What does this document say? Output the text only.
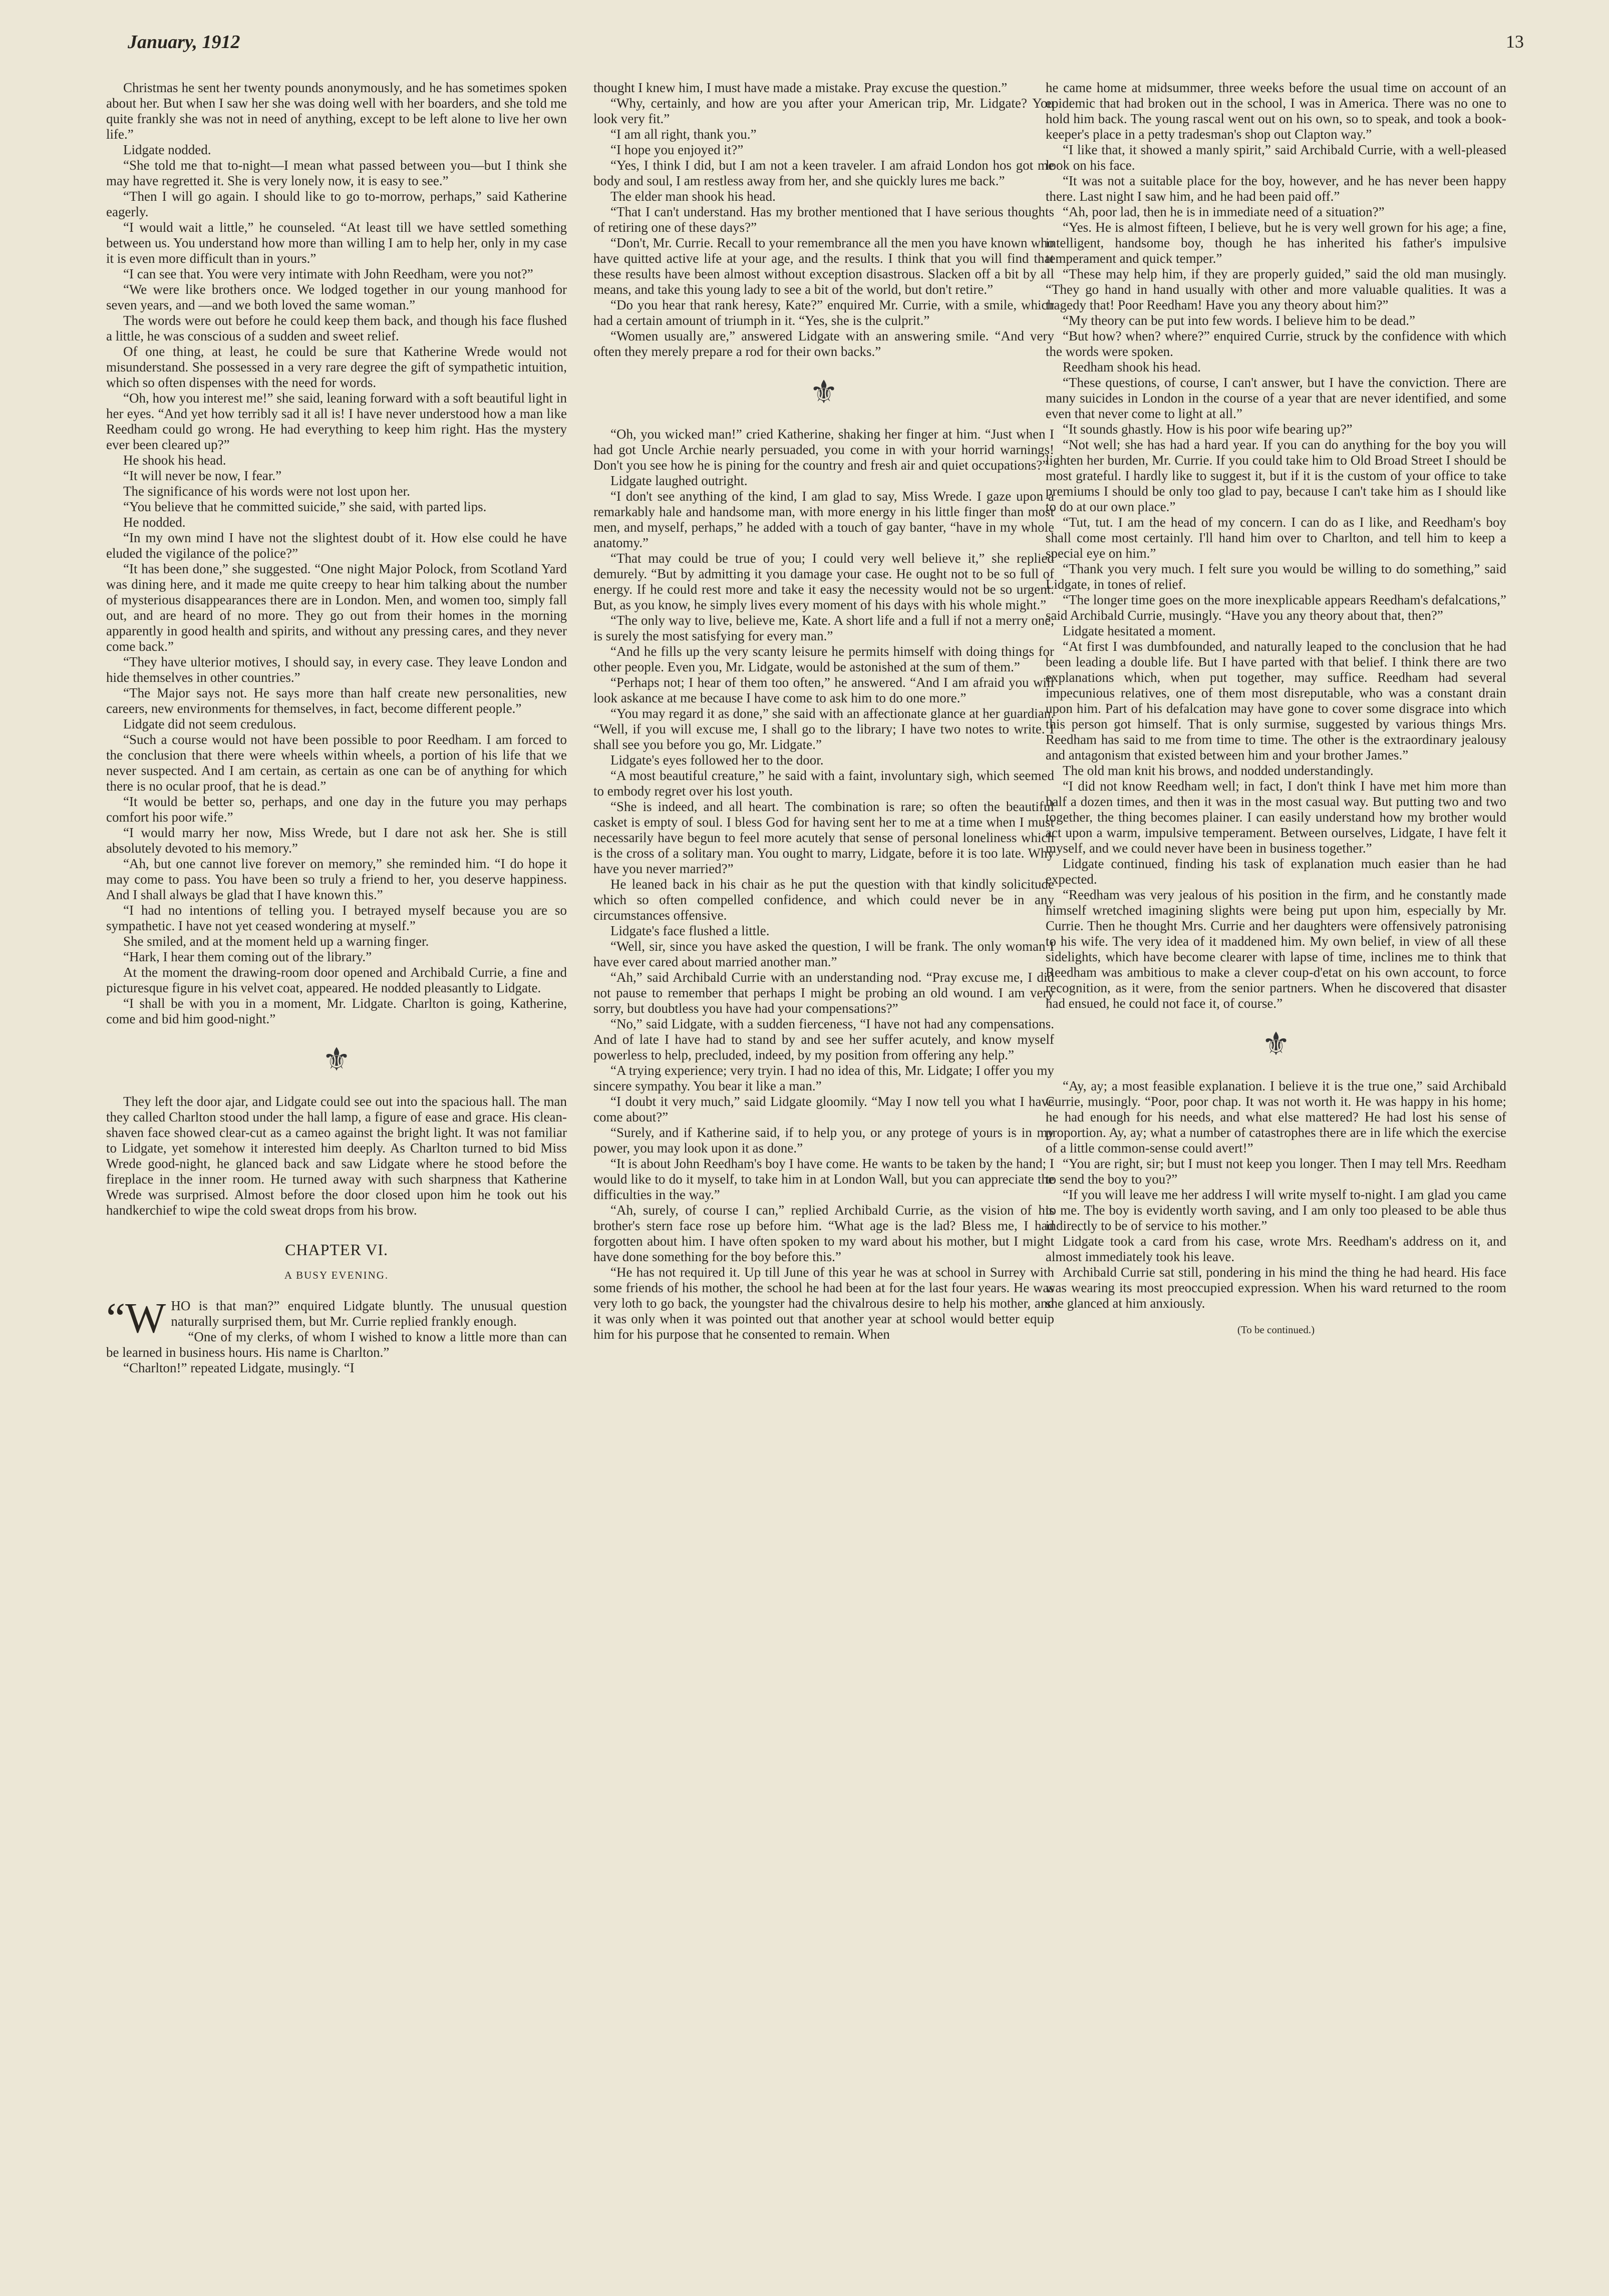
January, 1912	13

Christmas he sent her twenty pounds anonymously, and he has sometimes spoken about her. But when I saw her she was doing well with her boarders, and she told me quite frankly she was not in need of anything, except to be left alone to live her own life.”

Lidgate nodded.

“She told me that to-night—I mean what passed between you—but I think she may have regretted it. She is very lonely now, it is easy to see.”

“Then I will go again. I should like to go to-morrow, perhaps,” said Katherine eagerly.

“I would wait a little,” he counseled. “At least till we have settled something between us. You understand how more than willing I am to help her, only in my case it is even more difficult than in yours.”

“I can see that. You were very intimate with John Reedham, were you not?”

“We were like brothers once. We lodged together in our young manhood for seven years, and —and we both loved the same woman.”

The words were out before he could keep them back, and though his face flushed a little, he was conscious of a sudden and sweet relief.

Of one thing, at least, he could be sure that Katherine Wrede would not misunderstand. She possessed in a very rare degree the gift of sympathetic intuition, which so often dispenses with the need for words.

“Oh, how you interest me!” she said, leaning forward with a soft beautiful light in her eyes. “And yet how terribly sad it all is! I have never understood how a man like Reedham could go wrong. He had everything to keep him right. Has the mystery ever been cleared up?”

He shook his head.

“It will never be now, I fear.”

The significance of his words were not lost upon her.

“You believe that he committed suicide,” she said, with parted lips.

He nodded.

“In my own mind I have not the slightest doubt of it. How else could he have eluded the vigilance of the police?”

“It has been done,” she suggested. “One night Major Polock, from Scotland Yard was dining here, and it made me quite creepy to hear him talking about the number of mysterious disappearances there are in London. Men, and women too, simply fall out, and are heard of no more. They go out from their homes in the morning apparently in good health and spirits, and without any pressing cares, and they never come back.”

“They have ulterior motives, I should say, in every case. They leave London and hide themselves in other countries.”

“The Major says not. He says more than half create new personalities, new careers, new environments for themselves, in fact, become different people.”

Lidgate did not seem credulous.

“Such a course would not have been possible to poor Reedham. I am forced to the conclusion that there were wheels within wheels, a portion of his life that we never suspected. And I am certain, as certain as one can be of anything for which there is no ocular proof, that he is dead.”

“It would be better so, perhaps, and one day in the future you may perhaps comfort his poor wife.”

“I would marry her now, Miss Wrede, but I dare not ask her. She is still absolutely devoted to his memory.”

“Ah, but one cannot live forever on memory,” she reminded him. “I do hope it may come to pass. You have been so truly a friend to her, you deserve happiness. And I shall always be glad that I have known this.”

“I had no intentions of telling you. I betrayed myself because you are so sympathetic. I have not yet ceased wondering at myself.”

She smiled, and at the moment held up a warning finger.

“Hark, I hear them coming out of the library.”

At the moment the drawing-room door opened and Archibald Currie, a fine and picturesque figure in his velvet coat, appeared. He nodded pleasantly to Lidgate.

“I shall be with you in a moment, Mr. Lidgate. Charlton is going, Katherine, come and bid him good-night.”

⚜

They left the door ajar, and Lidgate could see out into the spacious hall. The man they called Charlton stood under the hall lamp, a figure of ease and grace. His clean-shaven face showed clear-cut as a cameo against the bright light. It was not familiar to Lidgate, yet somehow it interested him deeply. As Charlton turned to bid Miss Wrede good-night, he glanced back and saw Lidgate where he stood before the fireplace in the inner room. He turned away with such sharpness that Katherine Wrede was surprised. Almost before the door closed upon him he took out his handkerchief to wipe the cold sweat drops from his brow.

CHAPTER VI.
A BUSY EVENING.

“WHO is that man?” enquired Lidgate bluntly. The unusual question naturally surprised them, but Mr. Currie replied frankly enough.

“One of my clerks, of whom I wished to know a little more than can be learned in business hours. His name is Charlton.”

“Charlton!” repeated Lidgate, musingly. “I

thought I knew him, I must have made a mistake. Pray excuse the question.”

“Why, certainly, and how are you after your American trip, Mr. Lidgate? You look very fit.”

“I am all right, thank you.”

“I hope you enjoyed it?”

“Yes, I think I did, but I am not a keen traveler. I am afraid London hos got me body and soul, I am restless away from her, and she quickly lures me back.”

The elder man shook his head.

“That I can't understand. Has my brother mentioned that I have serious thoughts of retiring one of these days?”

“Don't, Mr. Currie. Recall to your remembrance all the men you have known who have quitted active life at your age, and the results. I think that you will find that these results have been almost without exception disastrous. Slacken off a bit by all means, and take this young lady to see a bit of the world, but don't retire.”

“Do you hear that rank heresy, Kate?” enquired Mr. Currie, with a smile, which had a certain amount of triumph in it. “Yes, she is the culprit.”

“Women usually are,” answered Lidgate with an answering smile. “And very often they merely prepare a rod for their own backs.”

⚜

“Oh, you wicked man!” cried Katherine, shaking her finger at him. “Just when I had got Uncle Archie nearly persuaded, you come in with your horrid warnings! Don't you see how he is pining for the country and fresh air and quiet occupations?”

Lidgate laughed outright.

“I don't see anything of the kind, I am glad to say, Miss Wrede. I gaze upon a remarkably hale and handsome man, with more energy in his little finger than most men, and myself, perhaps,” he added with a touch of gay banter, “have in my whole anatomy.”

“That may could be true of you; I could very well believe it,” she replied demurely. “But by admitting it you damage your case. He ought not to be so full of energy. If he could rest more and take it easy the necessity would not be so urgent. But, as you know, he simply lives every moment of his days with his whole might.”

“The only way to live, believe me, Kate. A short life and a full if not a merry one, is surely the most satisfying for every man.”

“And he fills up the very scanty leisure he permits himself with doing things for other people. Even you, Mr. Lidgate, would be astonished at the sum of them.”

“Perhaps not; I hear of them too often,” he answered. “And I am afraid you will look askance at me because I have come to ask him to do one more.”

“You may regard it as done,” she said with an affectionate glance at her guardian. “Well, if you will excuse me, I shall go to the library; I have two notes to write. I shall see you before you go, Mr. Lidgate.”

Lidgate's eyes followed her to the door.

“A most beautiful creature,” he said with a faint, involuntary sigh, which seemed to embody regret over his lost youth.

“She is indeed, and all heart. The combination is rare; so often the beautiful casket is empty of soul. I bless God for having sent her to me at a time when I must necessarily have begun to feel more acutely that sense of personal loneliness which is the cross of a solitary man. You ought to marry, Lidgate, before it is too late. Why have you never married?”

He leaned back in his chair as he put the question with that kindly solicitude which so often compelled confidence, and which could never be in any circumstances offensive.

Lidgate's face flushed a little.

“Well, sir, since you have asked the question, I will be frank. The only woman I have ever cared about married another man.”

“Ah,” said Archibald Currie with an understanding nod. “Pray excuse me, I did not pause to remember that perhaps I might be probing an old wound. I am very sorry, but doubtless you have had your compensations?”

“No,” said Lidgate, with a sudden fierceness, “I have not had any compensations. And of late I have had to stand by and see her suffer acutely, and know myself powerless to help, precluded, indeed, by my position from offering any help.”

“A trying experience; very tryin. I had no idea of this, Mr. Lidgate; I offer you my sincere sympathy. You bear it like a man.”

“I doubt it very much,” said Lidgate gloomily. “May I now tell you what I have come about?”

“Surely, and if Katherine said, if to help you, or any protege of yours is in my power, you may look upon it as done.”

“It is about John Reedham's boy I have come. He wants to be taken by the hand; I would like to do it myself, to take him in at London Wall, but you can appreciate the difficulties in the way.”

“Ah, surely, of course I can,” replied Archibald Currie, as the vision of his brother's stern face rose up before him. “What age is the lad? Bless me, I had forgotten about him. I have often spoken to my ward about his mother, but I might have done something for the boy before this.”

“He has not required it. Up till June of this year he was at school in Surrey with some friends of his mother, the school he had been at for the last four years. He was very loth to go back, the youngster had the chivalrous desire to help his mother, and it was only when it was pointed out that another year at school would better equip him for his purpose that he consented to remain. When

he came home at midsummer, three weeks before the usual time on account of an epidemic that had broken out in the school, I was in America. There was no one to hold him back. The young rascal went out on his own, so to speak, and took a book-keeper's place in a petty tradesman's shop out Clapton way.”

“I like that, it showed a manly spirit,” said Archibald Currie, with a well-pleased look on his face.

“It was not a suitable place for the boy, however, and he has never been happy there. Last night I saw him, and he had been paid off.”

“Ah, poor lad, then he is in immediate need of a situation?”

“Yes. He is almost fifteen, I believe, but he is very well grown for his age; a fine, intelligent, handsome boy, though he has inherited his father's impulsive temperament and quick temper.”

“These may help him, if they are properly guided,” said the old man musingly. “They go hand in hand usually with other and more valuable qualities. It was a tragedy that! Poor Reedham! Have you any theory about him?”

“My theory can be put into few words. I believe him to be dead.”

“But how? when? where?” enquired Currie, struck by the confidence with which the words were spoken.

Reedham shook his head.

“These questions, of course, I can't answer, but I have the conviction. There are many suicides in London in the course of a year that are never identified, and some even that never come to light at all.”

“It sounds ghastly. How is his poor wife bearing up?”

“Not well; she has had a hard year. If you can do anything for the boy you will lighten her burden, Mr. Currie. If you could take him to Old Broad Street I should be most grateful. I hardly like to suggest it, but if it is the custom of your office to take premiums I should be only too glad to pay, because I can't take him as I should like to do at our own place.”

“Tut, tut. I am the head of my concern. I can do as I like, and Reedham's boy shall come most certainly. I'll hand him over to Charlton, and tell him to keep a special eye on him.”

“Thank you very much. I felt sure you would be willing to do something,” said Lidgate, in tones of relief.

“The longer time goes on the more inexplicable appears Reedham's defalcations,” said Archibald Currie, musingly. “Have you any theory about that, then?”

Lidgate hesitated a moment.

“At first I was dumbfounded, and naturally leaped to the conclusion that he had been leading a double life. But I have parted with that belief. I think there are two explanations which, when put together, may suffice. Reedham had several impecunious relatives, one of them most disreputable, who was a constant drain upon him. Part of his defalcation may have gone to cover some disgrace into which this person got himself. That is only surmise, suggested by various things Mrs. Reedham has said to me from time to time. The other is the extraordinary jealousy and antagonism that existed between him and your brother James.”

The old man knit his brows, and nodded understandingly.

“I did not know Reedham well; in fact, I don't think I have met him more than half a dozen times, and then it was in the most casual way. But putting two and two together, the thing becomes plainer. I can easily understand how my brother would act upon a warm, impulsive temperament. Between ourselves, Lidgate, I have felt it myself, and we could never have been in business together.”

Lidgate continued, finding his task of explanation much easier than he had expected.

“Reedham was very jealous of his position in the firm, and he constantly made himself wretched imagining slights were being put upon him, especially by Mr. Currie. Then he thought Mrs. Currie and her daughters were offensively patronising to his wife. The very idea of it maddened him. My own belief, in view of all these sidelights, which have become clearer with lapse of time, inclines me to think that Reedham was ambitious to make a clever coup-d'etat on his own account, to force recognition, as it were, from the senior partners. When he discovered that disaster had ensued, he could not face it, of course.”

⚜

“Ay, ay; a most feasible explanation. I believe it is the true one,” said Archibald Currie, musingly. “Poor, poor chap. It was not worth it. He was happy in his home; he had enough for his needs, and what else mattered? He had lost his sense of proportion. Ay, ay; what a number of catastrophes there are in life which the exercise of a little common-sense could avert!”

“You are right, sir; but I must not keep you longer. Then I may tell Mrs. Reedham to send the boy to you?”

“If you will leave me her address I will write myself to-night. I am glad you came to me. The boy is evidently worth saving, and I am only too pleased to be able thus indirectly to be of service to his mother.”

Lidgate took a card from his case, wrote Mrs. Reedham's address on it, and almost immediately took his leave.

Archibald Currie sat still, pondering in his mind the thing he had heard. His face was wearing its most preoccupied expression. When his ward returned to the room she glanced at him anxiously.

(To be continued.)
